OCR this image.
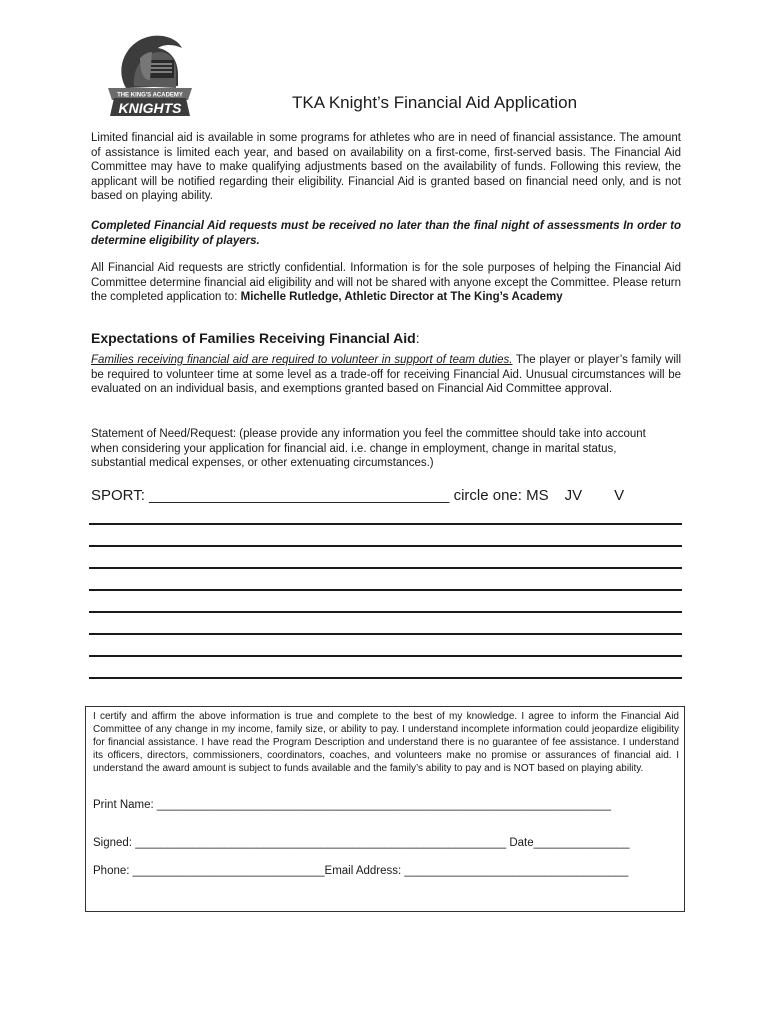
THE KING'S ACADEMY
KNIGHTS	TKA Knight’s Financial Aid Application

Limited financial aid is available in some programs for athletes who are in need of financial assistance. The amount of assistance is limited each year, and based on availability on a first-come, first-served basis. The Financial Aid Committee may have to make qualifying adjustments based on the availability of funds. Following this review, the applicant will be notified regarding their eligibility. Financial Aid is granted based on financial need only, and is not based on playing ability.

Completed Financial Aid requests must be received no later than the final night of assessments In order to determine eligibility of players.

All Financial Aid requests are strictly confidential. Information is for the sole purposes of helping the Financial Aid Committee determine financial aid eligibility and will not be shared with anyone except the Committee. Please return the completed application to: Michelle Rutledge, Athletic Director at The King’s Academy

Expectations of Families Receiving Financial Aid:

Families receiving financial aid are required to volunteer in support of team duties. The player or player’s family will be required to volunteer time at some level as a trade-off for receiving Financial Aid. Unusual circumstances will be evaluated on an individual basis, and exemptions granted based on Financial Aid Committee approval.

Statement of Need/Request: (please provide any information you feel the committee should take into account when considering your application for financial aid. i.e. change in employment, change in marital status, substantial medical expenses, or other extenuating circumstances.)

SPORT: ____________________________________ circle one: MS JV V

I certify and affirm the above information is true and complete to the best of my knowledge. I agree to inform the Financial Aid Committee of any change in my income, family size, or ability to pay. I understand incomplete information could jeopardize eligibility for financial assistance. I have read the Program Description and understand there is no guarantee of fee assistance. I understand its officers, directors, commissioners, coordinators, coaches, and volunteers make no promise or assurances of financial aid. I understand the award amount is subject to funds available and the family’s ability to pay and is NOT based on playing ability.

Print Name: _______________________________________________________________________
Signed: __________________________________________________________ Date_______________
Phone: ______________________________Email Address: ___________________________________
